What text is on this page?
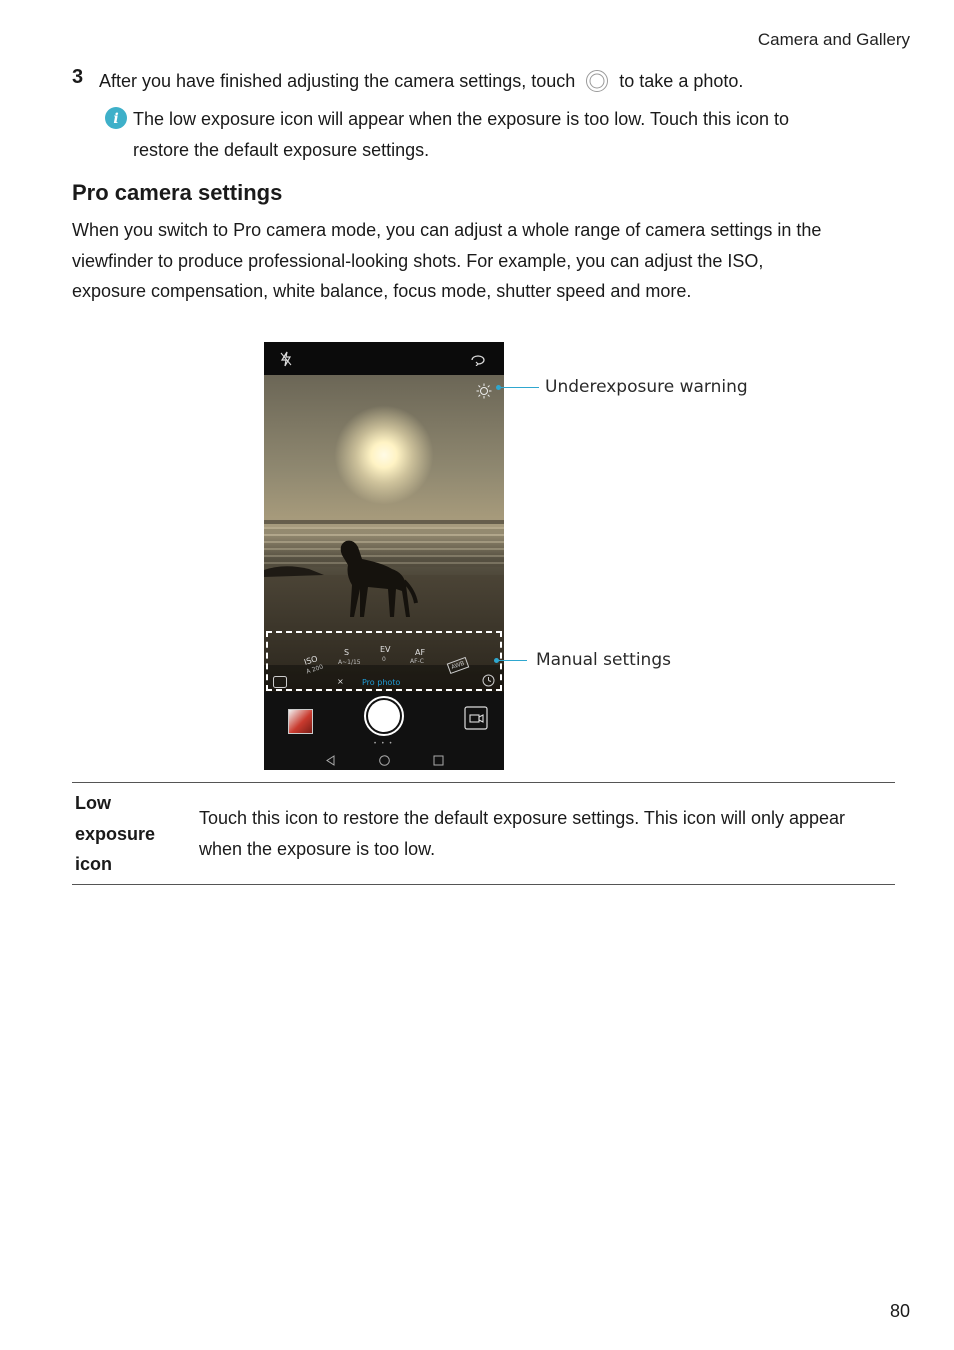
Camera and Gallery
3 After you have finished adjusting the camera settings, touch to take a photo.
i The low exposure icon will appear when the exposure is too low. Touch this icon to
restore the default exposure settings.
Pro camera settings

When you switch to Pro camera mode, you can adjust a whole range of camera settings in the

viewfinder to produce professional-looking shots. For example, you can adjust the ISO,

exposure compensation, white balance, focus mode, shutter speed and more.

ISO
A 200
S
A~1/15
EV
0
AF
AF-C	AWB
× Pro photo
• • •
Underexposure warning
Manual settings

Low

exposure

icon

Touch this icon to restore the default exposure settings. This icon will only appear

when the exposure is too low.

80
